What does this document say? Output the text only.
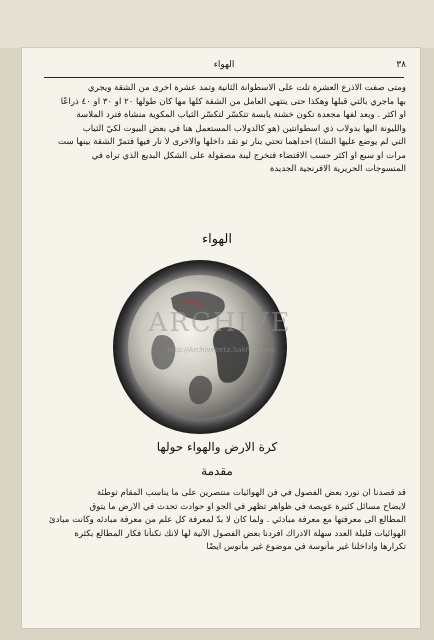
٣٨
الهواء

ومتى صفت الاذرع العشرة تلت على الاسطوانة الثانية وتمد عشرة اخرى من الشقة ويجري

بها ماجري بالتي قبلها وهكذا حتى ينتهي العامل من الشقة كلها مها كان طولها ٢٠ او ٣٠ او ٤٠ ذراعًا

او اكثر . وبعد لفها مجعدة تكون خشنة يابسة تتكسّر لتكسّر الثياب المكوية منشاة فترد الملاسة

والليونة اليها بدولاب ذي اسطوانتين (هو كالدولاب المستعمل هنا في بعض البيوت لكيّ الثياب

التي لم يوضع عليها النشا) احداهما تحتي بنار تو تقد داخلها والاخرى لا نار فيها فتمرّ الشقة بينها ست

مرات او سبع او اكثر حسب الاقتضاء فتخرج لينة مصقولة على الشكل البديع الذي تراه في

المنسوجات الحريرية الافرنجية الجديدة

الهواء
ARCHIVE
http://Archivebeta.Sakhrit.com
كرة الارض والهواء حولها
مقدمة

قد قصدنا ان نورد بعض الفصول في فن الهوائيات منتصرين على ما يناسب المقام توطئة

لايضاح مسائل كثيرة عويصة في ظواهر تظهر في الجو او حوادث تحدث في الارض ما يتوق

المطالع الى معرفتها مع معرفة مبادئي . ولما كان لا بدّ لمعرفة كل علم من معرفة مبادئه وكانت مبادئ

الهوائيات قليلة العدد سهلة الادراك افردنا بعض الفصول الآتية لها لانك نكنأنا فكار المطالع بكثرة

تكرارها واداخلنا غير مأنوسة في موضوع غير مأنوس ايضًا
